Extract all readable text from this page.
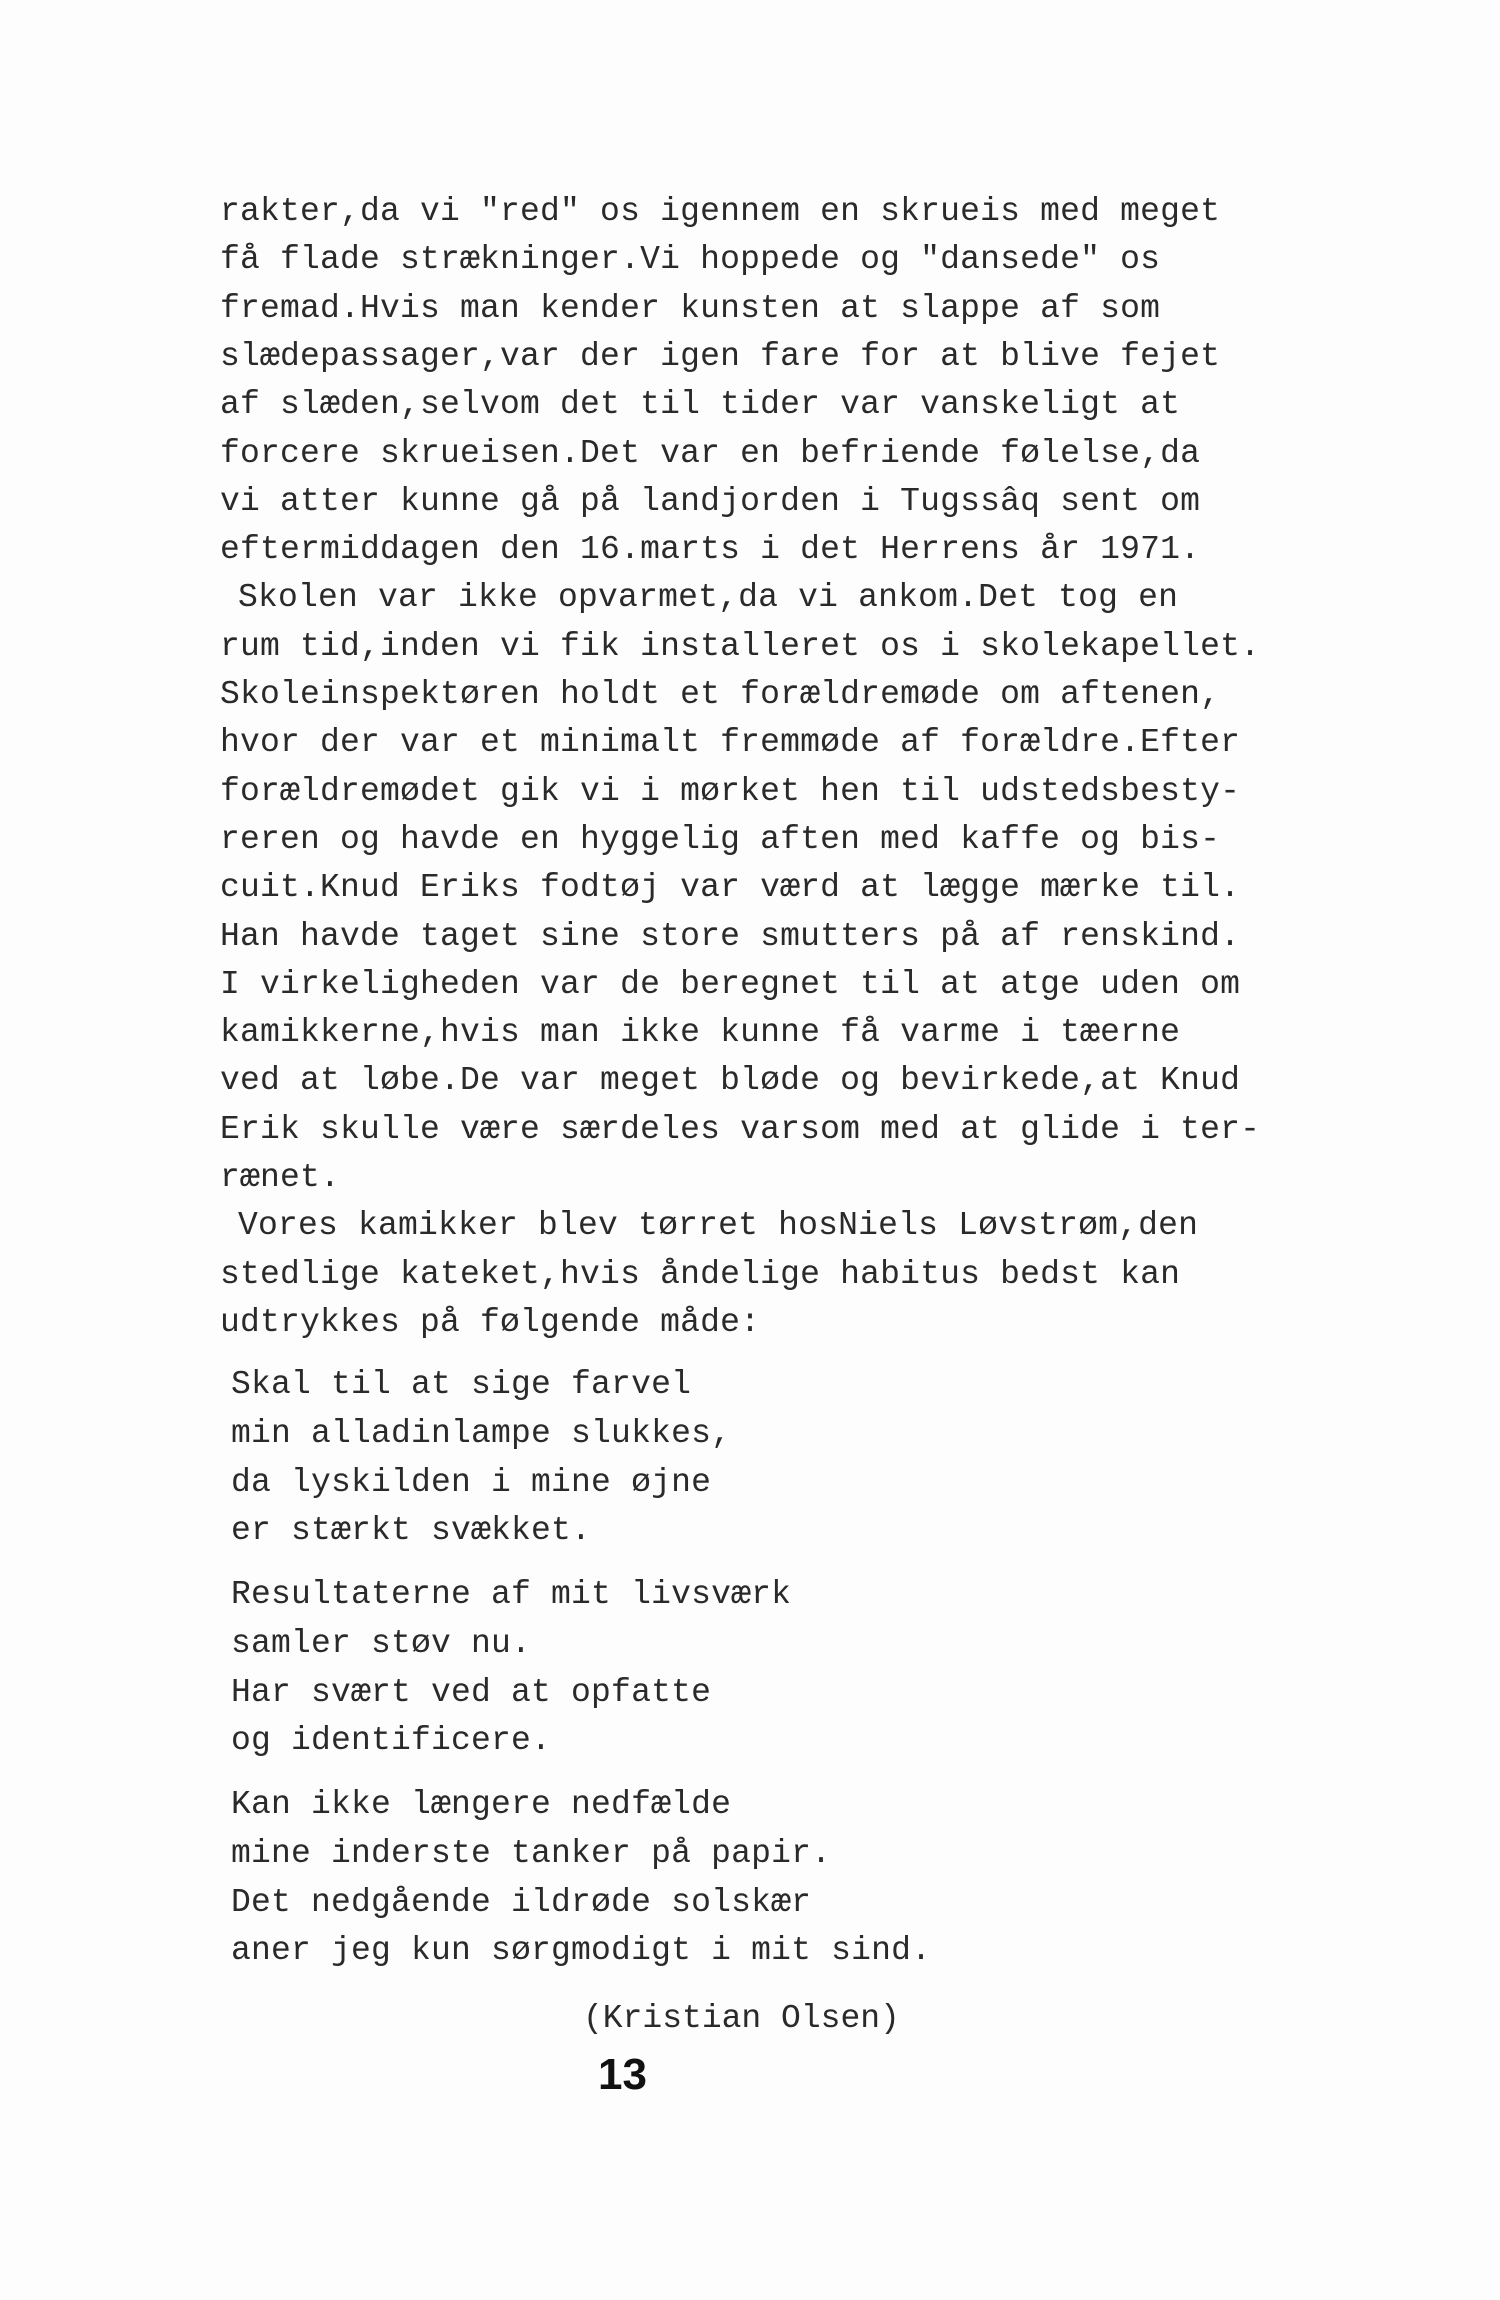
rakter,da vi "red" os igennem en skrueis med meget
få flade strækninger.Vi hoppede og "dansede" os
fremad.Hvis man kender kunsten at slappe af som
slædepassager,var der igen fare for at blive fejet
af slæden,selvom det til tider var vanskeligt at
forcere skrueisen.Det var en befriende følelse,da
vi atter kunne gå på landjorden i Tugssâq sent om
eftermiddagen den 16.marts i det Herrens år 1971.
Skolen var ikke opvarmet,da vi ankom.Det tog en
rum tid,inden vi fik installeret os i skolekapellet.
Skoleinspektøren holdt et forældremøde om aftenen,
hvor der var et minimalt fremmøde af forældre.Efter
forældremødet gik vi i mørket hen til udstedsbesty-
reren og havde en hyggelig aften med kaffe og bis-
cuit.Knud Eriks fodtøj var værd at lægge mærke til.
Han havde taget sine store smutters på af renskind.
I virkeligheden var de beregnet til at atge uden om
kamikkerne,hvis man ikke kunne få varme i tæerne
ved at løbe.De var meget bløde og bevirkede,at Knud
Erik skulle være særdeles varsom med at glide i ter-
rænet.
Vores kamikker blev tørret hosNiels Løvstrøm,den
stedlige kateket,hvis åndelige habitus bedst kan
udtrykkes på følgende måde:
Skal til at sige farvel
min alladinlampe slukkes,
da lyskilden i mine øjne
er stærkt svækket.
Resultaterne af mit livsværk
samler støv nu.
Har svært ved at opfatte
og identificere.
Kan ikke længere nedfælde
mine inderste tanker på papir.
Det nedgående ildrøde solskær
aner jeg kun sørgmodigt i mit sind.
(Kristian Olsen)
13
